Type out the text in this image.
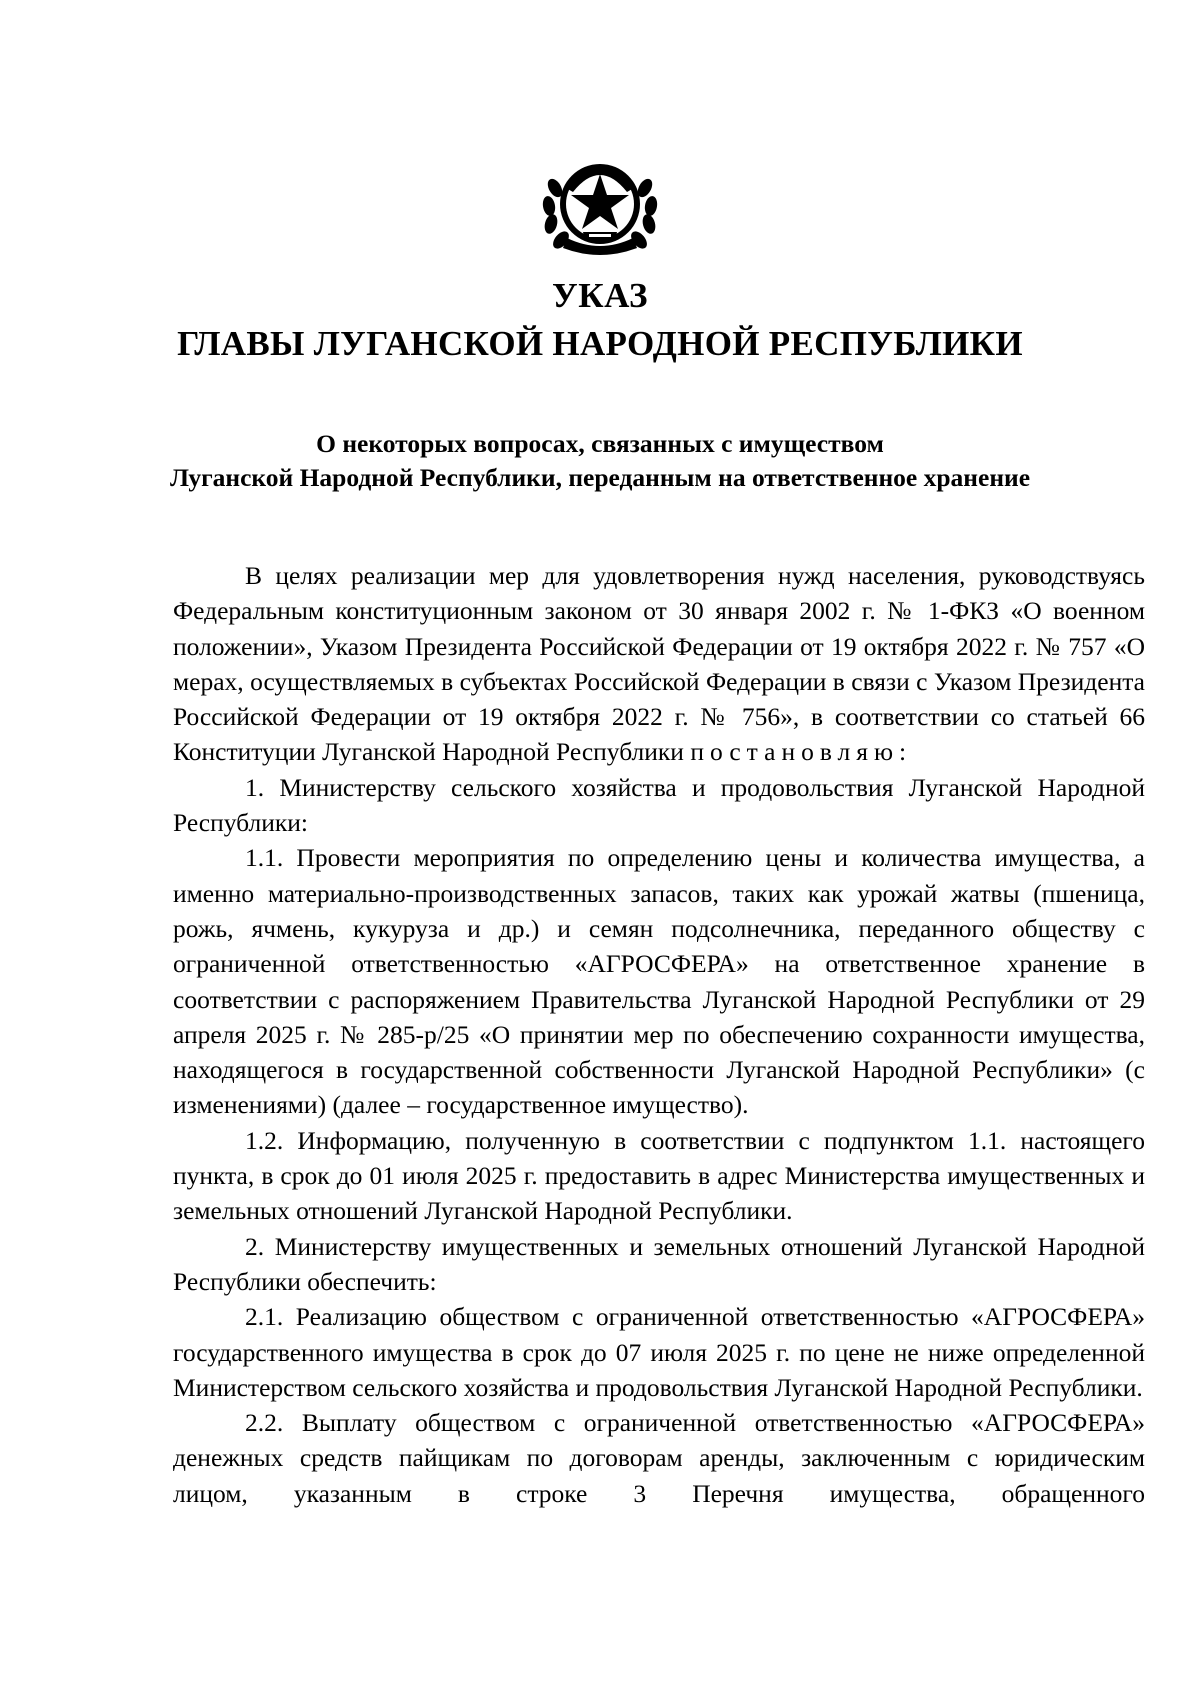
УКАЗ
ГЛАВЫ ЛУГАНСКОЙ НАРОДНОЙ РЕСПУБЛИКИ
О некоторых вопросах, связанных с имуществом
Луганской Народной Республики, переданным на ответственное хранение

В целях реализации мер для удовлетворения нужд населения, руководствуясь Федеральным конституционным законом от 30 января 2002 г. № 1-ФКЗ «О военном положении», Указом Президента Российской Федерации от 19 октября 2022 г. № 757 «О мерах, осуществляемых в субъектах Российской Федерации в связи с Указом Президента Российской Федерации от 19 октября 2022 г. № 756», в соответствии со статьей 66 Конституции Луганской Народной Республики постановляю:

1. Министерству сельского хозяйства и продовольствия Луганской Народной Республики:

1.1. Провести мероприятия по определению цены и количества имущества, а именно материально-производственных запасов, таких как урожай жатвы (пшеница, рожь, ячмень, кукуруза и др.) и семян подсолнечника, переданного обществу с ограниченной ответственностью «АГРОСФЕРА» на ответственное хранение в соответствии с распоряжением Правительства Луганской Народной Республики от 29 апреля 2025 г. № 285-р/25 «О принятии мер по обеспечению сохранности имущества, находящегося в государственной собственности Луганской Народной Республики» (с изменениями) (далее – государственное имущество).

1.2. Информацию, полученную в соответствии с подпунктом 1.1. настоящего пункта, в срок до 01 июля 2025 г. предоставить в адрес Министерства имущественных и земельных отношений Луганской Народной Республики.

2. Министерству имущественных и земельных отношений Луганской Народной Республики обеспечить:

2.1. Реализацию обществом с ограниченной ответственностью «АГРОСФЕРА» государственного имущества в срок до 07 июля 2025 г. по цене не ниже определенной Министерством сельского хозяйства и продовольствия Луганской Народной Республики.

2.2. Выплату обществом с ограниченной ответственностью «АГРОСФЕРА» денежных средств пайщикам по договорам аренды, заключенным с юридическим лицом, указанным в строке 3 Перечня имущества, обращенного
